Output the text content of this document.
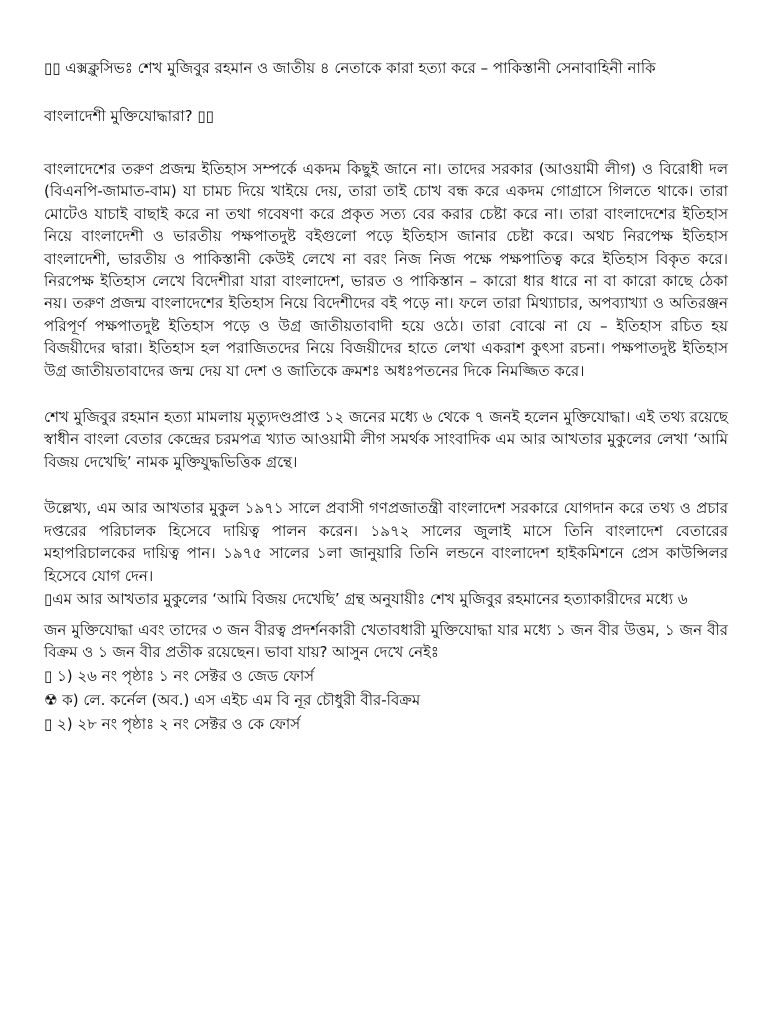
▯▯ এক্সক্লুসিভঃ শেখ মুজিবুর রহমান ও জাতীয় ৪ নেতাকে কারা হত্যা করে – পাকিস্তানী সেনাবাহিনী নাকি

বাংলাদেশী মুক্তিযোদ্ধারা? ▯▯

বাংলাদেশের তরুণ প্রজন্ম ইতিহাস সম্পর্কে একদম কিছুই জানে না। তাদের সরকার (আওয়ামী লীগ) ও বিরোধী দল (বিএনপি-জামাত-বাম) যা চামচ দিয়ে খাইয়ে দেয়, তারা তাই চোখ বন্ধ করে একদম গোগ্রাসে গিলতে থাকে। তারা মোটেও যাচাই বাছাই করে না তথা গবেষণা করে প্রকৃত সত্য বের করার চেষ্টা করে না। তারা বাংলাদেশের ইতিহাস নিয়ে বাংলাদেশী ও ভারতীয় পক্ষপাতদুষ্ট বইগুলো পড়ে ইতিহাস জানার চেষ্টা করে। অথচ নিরপেক্ষ ইতিহাস বাংলাদেশী, ভারতীয় ও পাকিস্তানী কেউই লেখে না বরং নিজ নিজ পক্ষে পক্ষপাতিত্ব করে ইতিহাস বিকৃত করে। নিরপেক্ষ ইতিহাস লেখে বিদেশীরা যারা বাংলাদেশ, ভারত ও পাকিস্তান – কারো ধার ধারে না বা কারো কাছে ঠেকা নয়। তরুণ প্রজন্ম বাংলাদেশের ইতিহাস নিয়ে বিদেশীদের বই পড়ে না। ফলে তারা মিথ্যাচার, অপব্যাখ্যা ও অতিরঞ্জন পরিপূর্ণ পক্ষপাতদুষ্ট ইতিহাস পড়ে ও উগ্র জাতীয়তাবাদী হয়ে ওঠে। তারা বোঝে না যে – ইতিহাস রচিত হয় বিজয়ীদের দ্বারা। ইতিহাস হল পরাজিতদের নিয়ে বিজয়ীদের হাতে লেখা একরাশ কুৎসা রচনা। পক্ষপাতদুষ্ট ইতিহাস উগ্র জাতীয়তাবাদের জন্ম দেয় যা দেশ ও জাতিকে ক্রমশঃ অধঃপতনের দিকে নিমজ্জিত করে।

শেখ মুজিবুর রহমান হত্যা মামলায় মৃত্যুদণ্ডপ্রাপ্ত ১২ জনের মধ্যে ৬ থেকে ৭ জনই হলেন মুক্তিযোদ্ধা। এই তথ্য রয়েছে স্বাধীন বাংলা বেতার কেন্দ্রের চরমপত্র খ্যাত আওয়ামী লীগ সমর্থক সাংবাদিক এম আর আখতার মুকুলের লেখা ‘আমি বিজয় দেখেছি’ নামক মুক্তিযুদ্ধভিত্তিক গ্রন্থে।

উল্লেখ্য, এম আর আখতার মুকুল ১৯৭১ সালে প্রবাসী গণপ্রজাতন্ত্রী বাংলাদেশ সরকারে যোগদান করে তথ্য ও প্রচার দপ্তরের পরিচালক হিসেবে দায়িত্ব পালন করেন। ১৯৭২ সালের জুলাই মাসে তিনি বাংলাদেশ বেতারের মহাপরিচালকের দায়িত্ব পান। ১৯৭৫ সালের ১লা জানুয়ারি তিনি লন্ডনে বাংলাদেশ হাইকমিশনে প্রেস কাউন্সিলর হিসেবে যোগ দেন।

▯এম আর আখতার মুকুলের ‘আমি বিজয় দেখেছি’ গ্রন্থ অনুযায়ীঃ শেখ মুজিবুর রহমানের হত্যাকারীদের মধ্যে ৬

জন মুক্তিযোদ্ধা এবং তাদের ৩ জন বীরত্ব প্রদর্শনকারী খেতাবধারী মুক্তিযোদ্ধা যার মধ্যে ১ জন বীর উত্তম, ১ জন বীর বিক্রম ও ১ জন বীর প্রতীক রয়েছেন। ভাবা যায়? আসুন দেখে নেইঃ

▯ ১) ২৬ নং পৃষ্ঠাঃ ১ নং সেক্টর ও জেড ফোর্স

☢ ক) লে. কর্নেল (অব.) এস এইচ এম বি নূর চৌধুরী বীর-বিক্রম

▯ ২) ২৮ নং পৃষ্ঠাঃ ২ নং সেক্টর ও কে ফোর্স
